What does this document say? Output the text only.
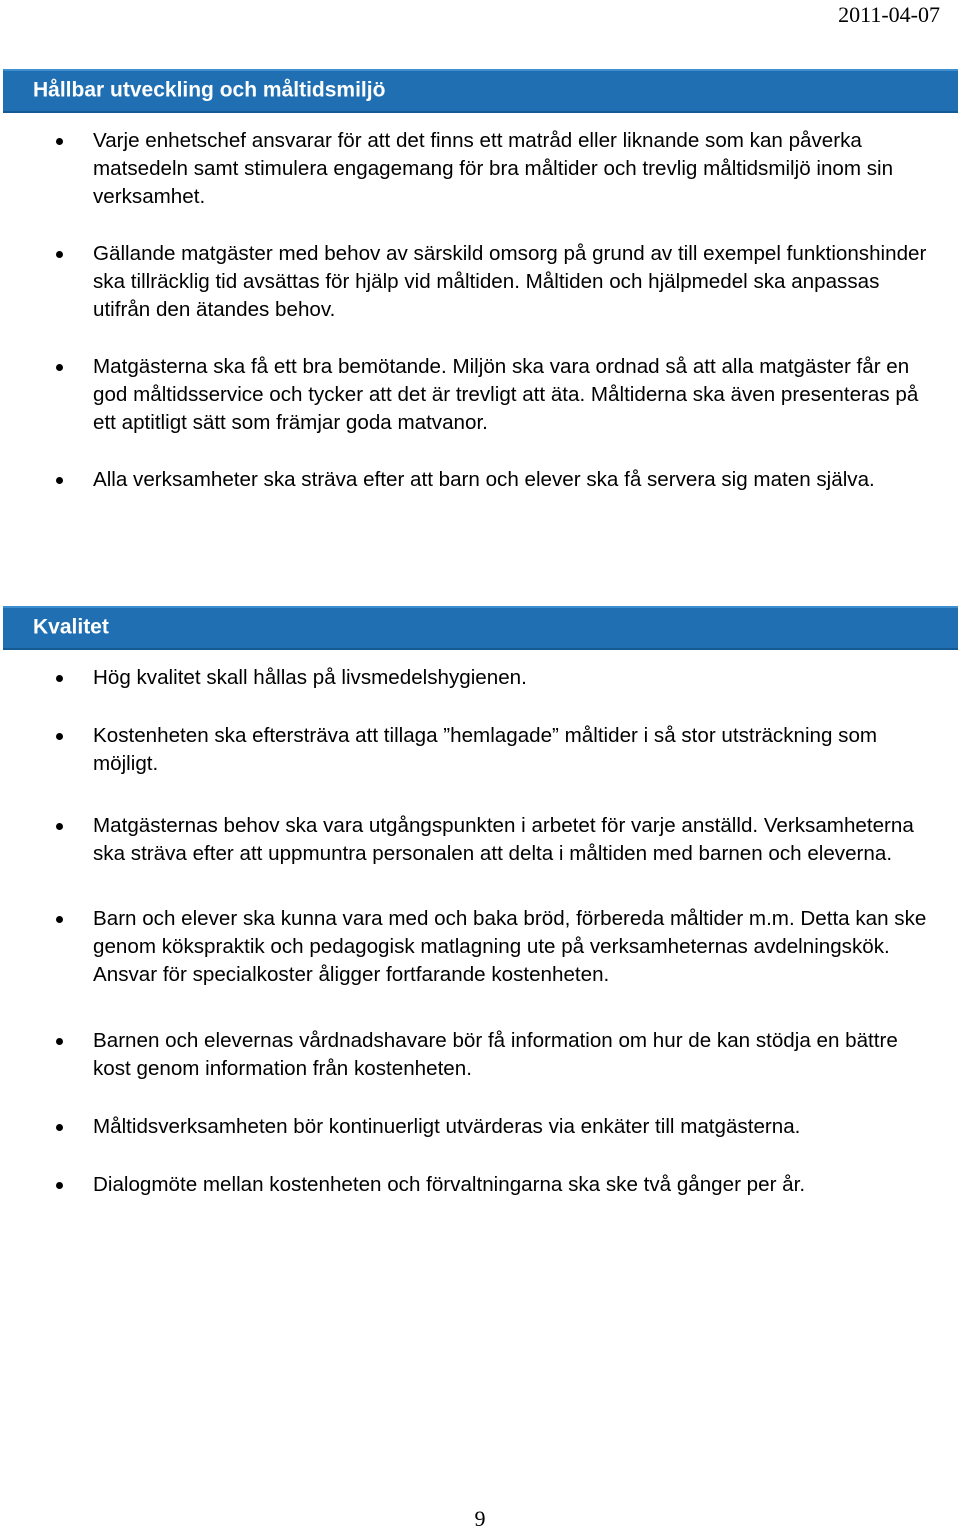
2011-04-07
Hållbar utveckling och måltidsmiljö
Varje enhetschef ansvarar för att det finns ett matråd eller liknande som kan påverka matsedeln samt stimulera engagemang för bra måltider och trevlig måltidsmiljö inom sin verksamhet.
Gällande matgäster med behov av särskild omsorg på grund av till exempel funktionshinder ska tillräcklig tid avsättas för hjälp vid måltiden. Måltiden och hjälpmedel ska anpassas utifrån den ätandes behov.
Matgästerna ska få ett bra bemötande. Miljön ska vara ordnad så att alla matgäster får en god måltidsservice och tycker att det är trevligt att äta. Måltiderna ska även presenteras på ett aptitligt sätt som främjar goda matvanor.
Alla verksamheter ska sträva efter att barn och elever ska få servera sig maten själva.
Kvalitet
Hög kvalitet skall hållas på livsmedelshygienen.
Kostenheten ska eftersträva att tillaga ”hemlagade” måltider i så stor utsträckning som möjligt.
Matgästernas behov ska vara utgångspunkten i arbetet för varje anställd. Verksamheterna ska sträva efter att uppmuntra personalen att delta i måltiden med barnen och eleverna.
Barn och elever ska kunna vara med och baka bröd, förbereda måltider m.m. Detta kan ske genom kökspraktik och pedagogisk matlagning ute på verksamheternas avdelningskök. Ansvar för specialkoster åligger fortfarande kostenheten.
Barnen och elevernas vårdnadshavare bör få information om hur de kan stödja en bättre kost genom information från kostenheten.
Måltidsverksamheten bör kontinuerligt utvärderas via enkäter till matgästerna.
Dialogmöte mellan kostenheten och förvaltningarna ska ske två gånger per år.
9
